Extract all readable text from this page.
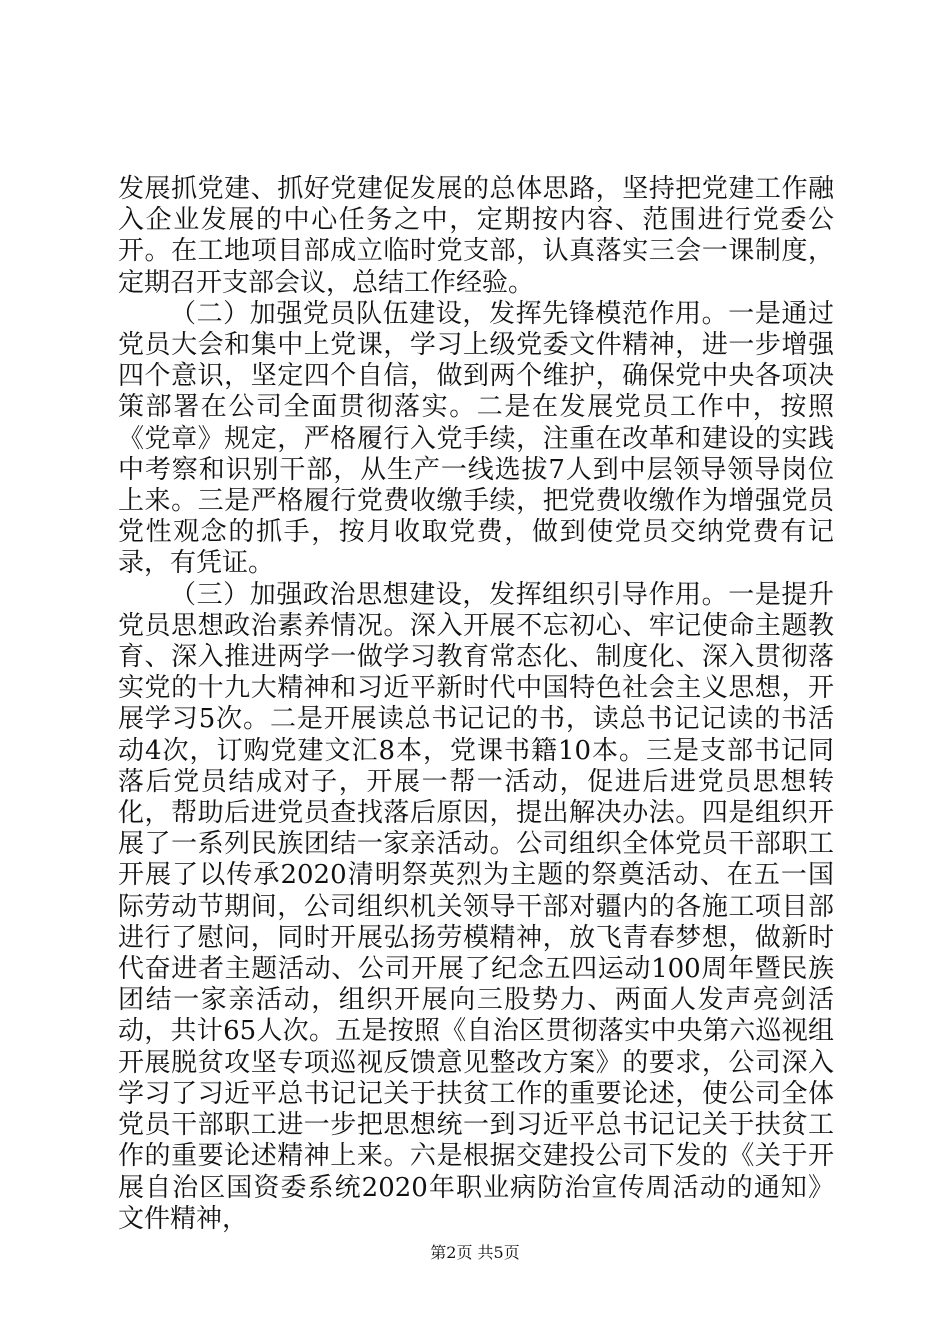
发展抓党建、抓好党建促发展的总体思路，坚持把党建工作融入企业发展的中心任务之中，定期按内容、范围进行党委公开。在工地项目部成立临时党支部，认真落实三会一课制度，定期召开支部会议，总结工作经验。

（二）加强党员队伍建设，发挥先锋模范作用。一是通过党员大会和集中上党课，学习上级党委文件精神，进一步增强四个意识，坚定四个自信，做到两个维护，确保党中央各项决策部署在公司全面贯彻落实。二是在发展党员工作中，按照《党章》规定，严格履行入党手续，注重在改革和建设的实践中考察和识别干部，从生产一线选拔7人到中层领导领导岗位上来。三是严格履行党费收缴手续，把党费收缴作为增强党员党性观念的抓手，按月收取党费，做到使党员交纳党费有记录，有凭证。

（三）加强政治思想建设，发挥组织引导作用。一是提升党员思想政治素养情况。深入开展不忘初心、牢记使命主题教育、深入推进两学一做学习教育常态化、制度化、深入贯彻落实党的十九大精神和习近平新时代中国特色社会主义思想，开展学习5次。二是开展读总书记记的书，读总书记记读的书活动4次，订购党建文汇8本，党课书籍10本。三是支部书记同落后党员结成对子，开展一帮一活动，促进后进党员思想转化，帮助后进党员查找落后原因，提出解决办法。四是组织开展了一系列民族团结一家亲活动。公司组织全体党员干部职工开展了以传承2020清明祭英烈为主题的祭奠活动、在五一国际劳动节期间，公司组织机关领导干部对疆内的各施工项目部进行了慰问，同时开展弘扬劳模精神，放飞青春梦想，做新时代奋进者主题活动、公司开展了纪念五四运动100周年暨民族团结一家亲活动，组织开展向三股势力、两面人发声亮剑活动，共计65人次。五是按照《自治区贯彻落实中央第六巡视组开展脱贫攻坚专项巡视反馈意见整改方案》的要求，公司深入学习了习近平总书记记关于扶贫工作的重要论述，使公司全体党员干部职工进一步把思想统一到习近平总书记记关于扶贫工作的重要论述精神上来。六是根据交建投公司下发的《关于开展自治区国资委系统2020年职业病防治宣传周活动的通知》文件精神，

第2页 共5页
